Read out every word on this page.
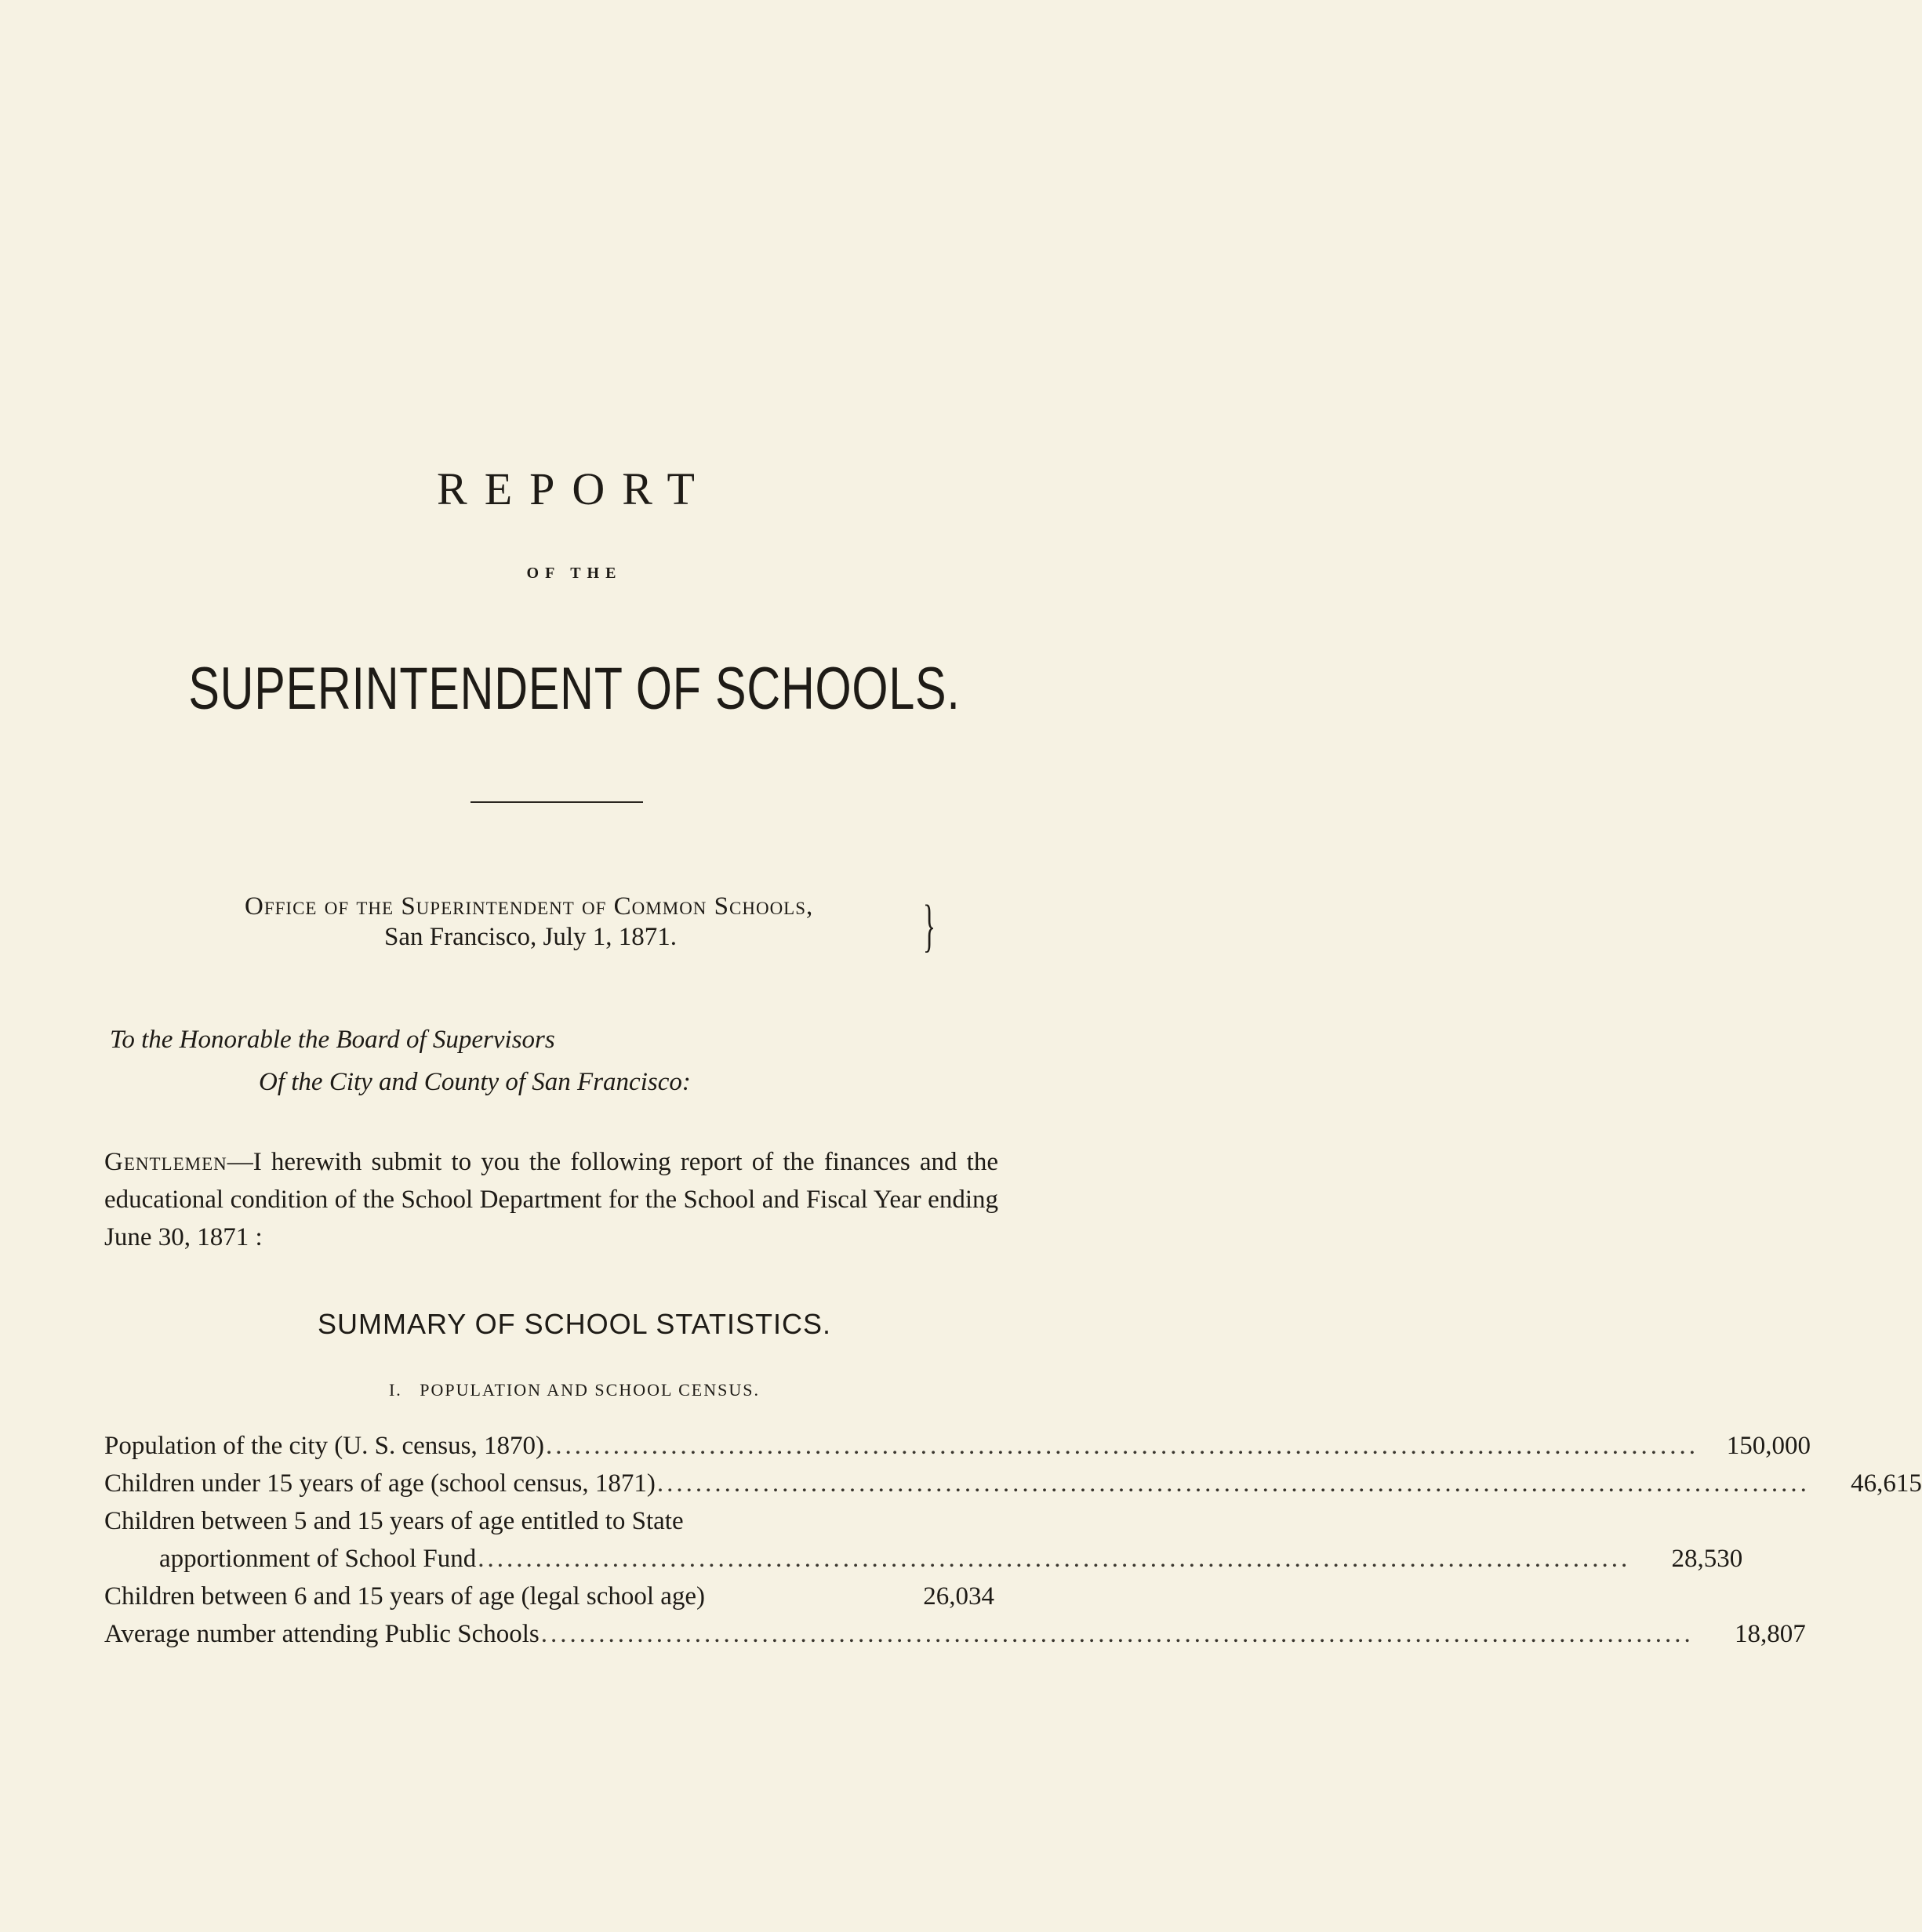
REPORT
OF THE
SUPERINTENDENT OF SCHOOLS.
Office of the Superintendent of Common Schools,
San Francisco, July 1, 1871.	}
To the Honorable the Board of Supervisors
Of the City and County of San Francisco:
Gentlemen—I herewith submit to you the following report of the finances and the educational condition of the School Department for the School and Fiscal Year ending June 30, 1871 :
SUMMARY OF SCHOOL STATISTICS.
I.   POPULATION AND SCHOOL CENSUS.
Population of the city (U. S. census, 1870) ........................................................................................................................	150,000
Children under 15 years of age (school census, 1871) ........................................................................................................................	46,615
Children between 5 and 15 years of age entitled to State
apportionment of School Fund ........................................................................................................................	28,530
Children between 6 and 15 years of age (legal school age)	26,034
Average number attending Public Schools ........................................................................................................................	18,807
